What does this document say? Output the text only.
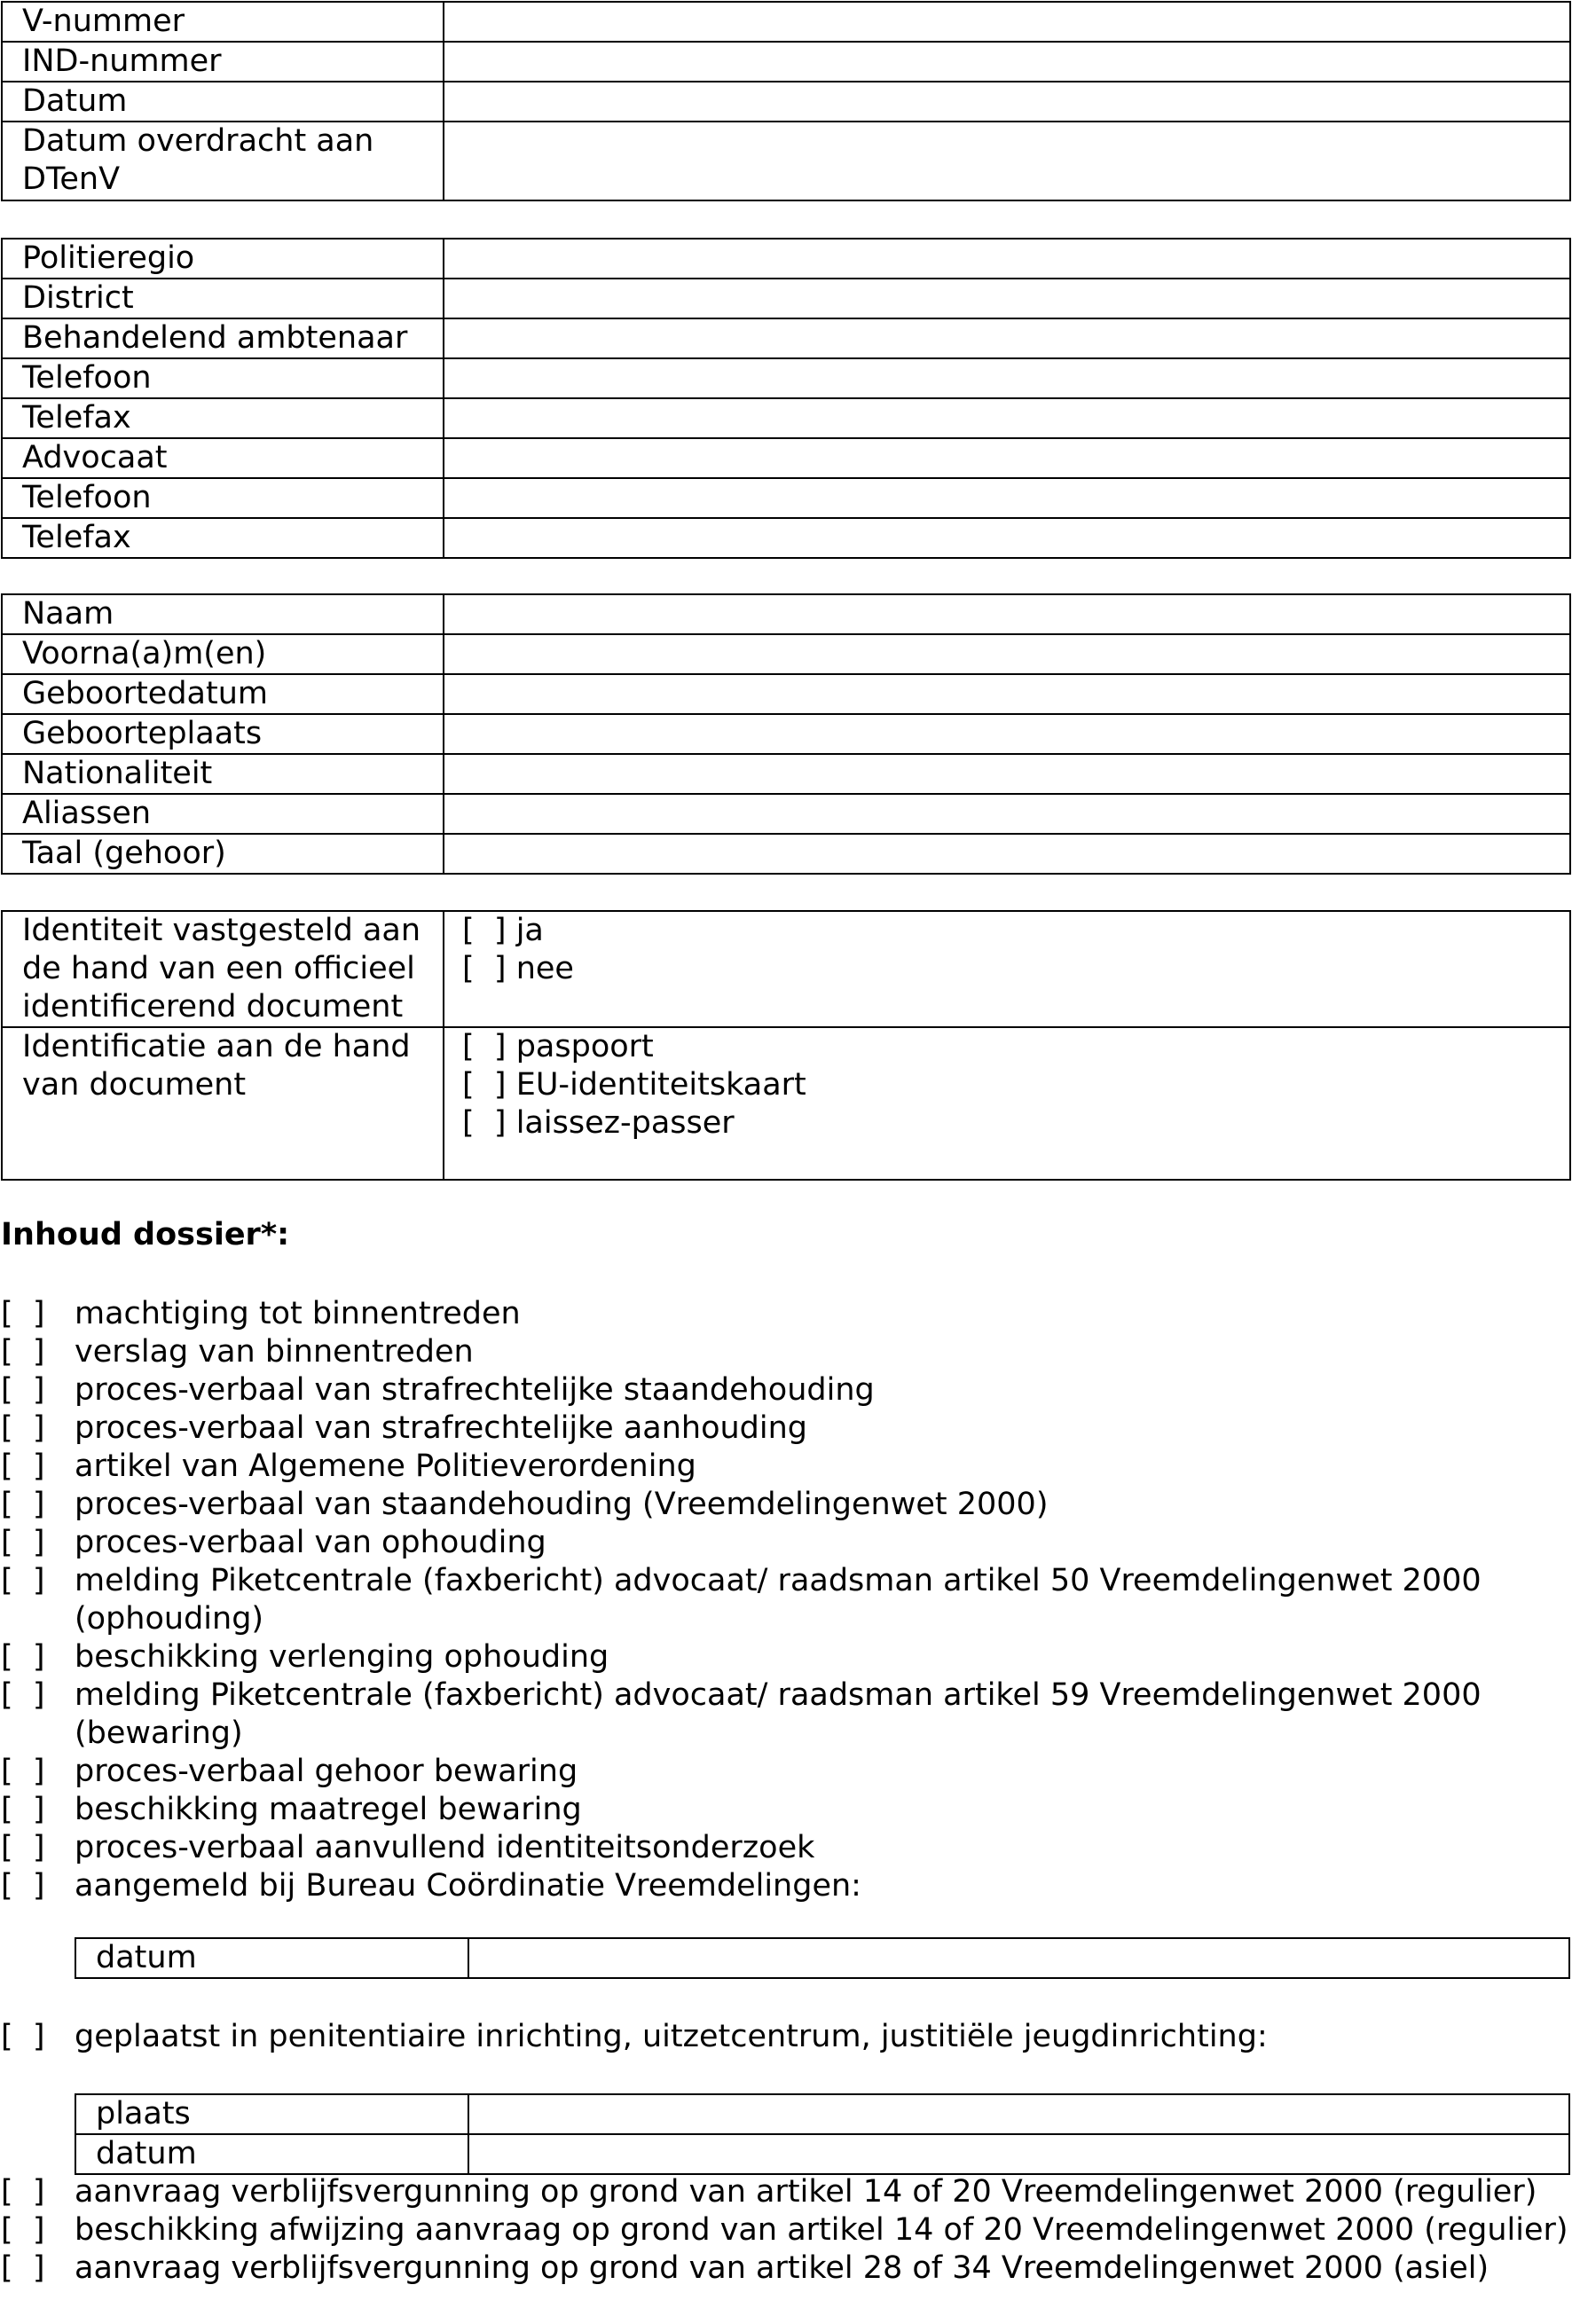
V-nummer	
IND-nummer	
Datum	
Datum overdracht aan DTenV	
Politieregio	
District	
Behandelend ambtenaar	
Telefoon	
Telefax	
Advocaat	
Telefoon	
Telefax	
Naam	
Voorna(a)m(en)	
Geboortedatum	
Geboorteplaats	
Nationaliteit	
Aliassen	
Taal (gehoor)	
Identiteit vastgesteld aan de hand van een officieel identificerend document	[  ] ja
[  ] nee

Identificatie aan de hand van document	[  ] paspoort
[  ] EU-identiteitskaart
[  ] laissez-passer
Inhoud dossier*:
[  ] machtiging tot binnentreden
[  ] verslag van binnentreden
[  ] proces-verbaal van strafrechtelijke staandehouding
[  ] proces-verbaal van strafrechtelijke aanhouding
[  ] artikel van Algemene Politieverordening
[  ] proces-verbaal van staandehouding (Vreemdelingenwet 2000)
[  ] proces-verbaal van ophouding
[  ] melding Piketcentrale (faxbericht) advocaat/ raadsman artikel 50 Vreemdelingenwet 2000 (ophouding)
[  ] beschikking verlenging ophouding
[  ] melding Piketcentrale (faxbericht) advocaat/ raadsman artikel 59 Vreemdelingenwet 2000 (bewaring)
[  ] proces-verbaal gehoor bewaring
[  ] beschikking maatregel bewaring
[  ] proces-verbaal aanvullend identiteitsonderzoek
[  ] aangemeld bij Bureau Coördinatie Vreemdelingen:
datum	
[  ] geplaatst in penitentiaire inrichting, uitzetcentrum, justitiële jeugdinrichting:
plaats	
datum	
[  ] aanvraag verblijfsvergunning op grond van artikel 14 of 20 Vreemdelingenwet 2000 (regulier)
[  ] beschikking afwijzing aanvraag op grond van artikel 14 of 20 Vreemdelingenwet 2000 (regulier)
[  ] aanvraag verblijfsvergunning op grond van artikel 28 of 34 Vreemdelingenwet 2000 (asiel)
